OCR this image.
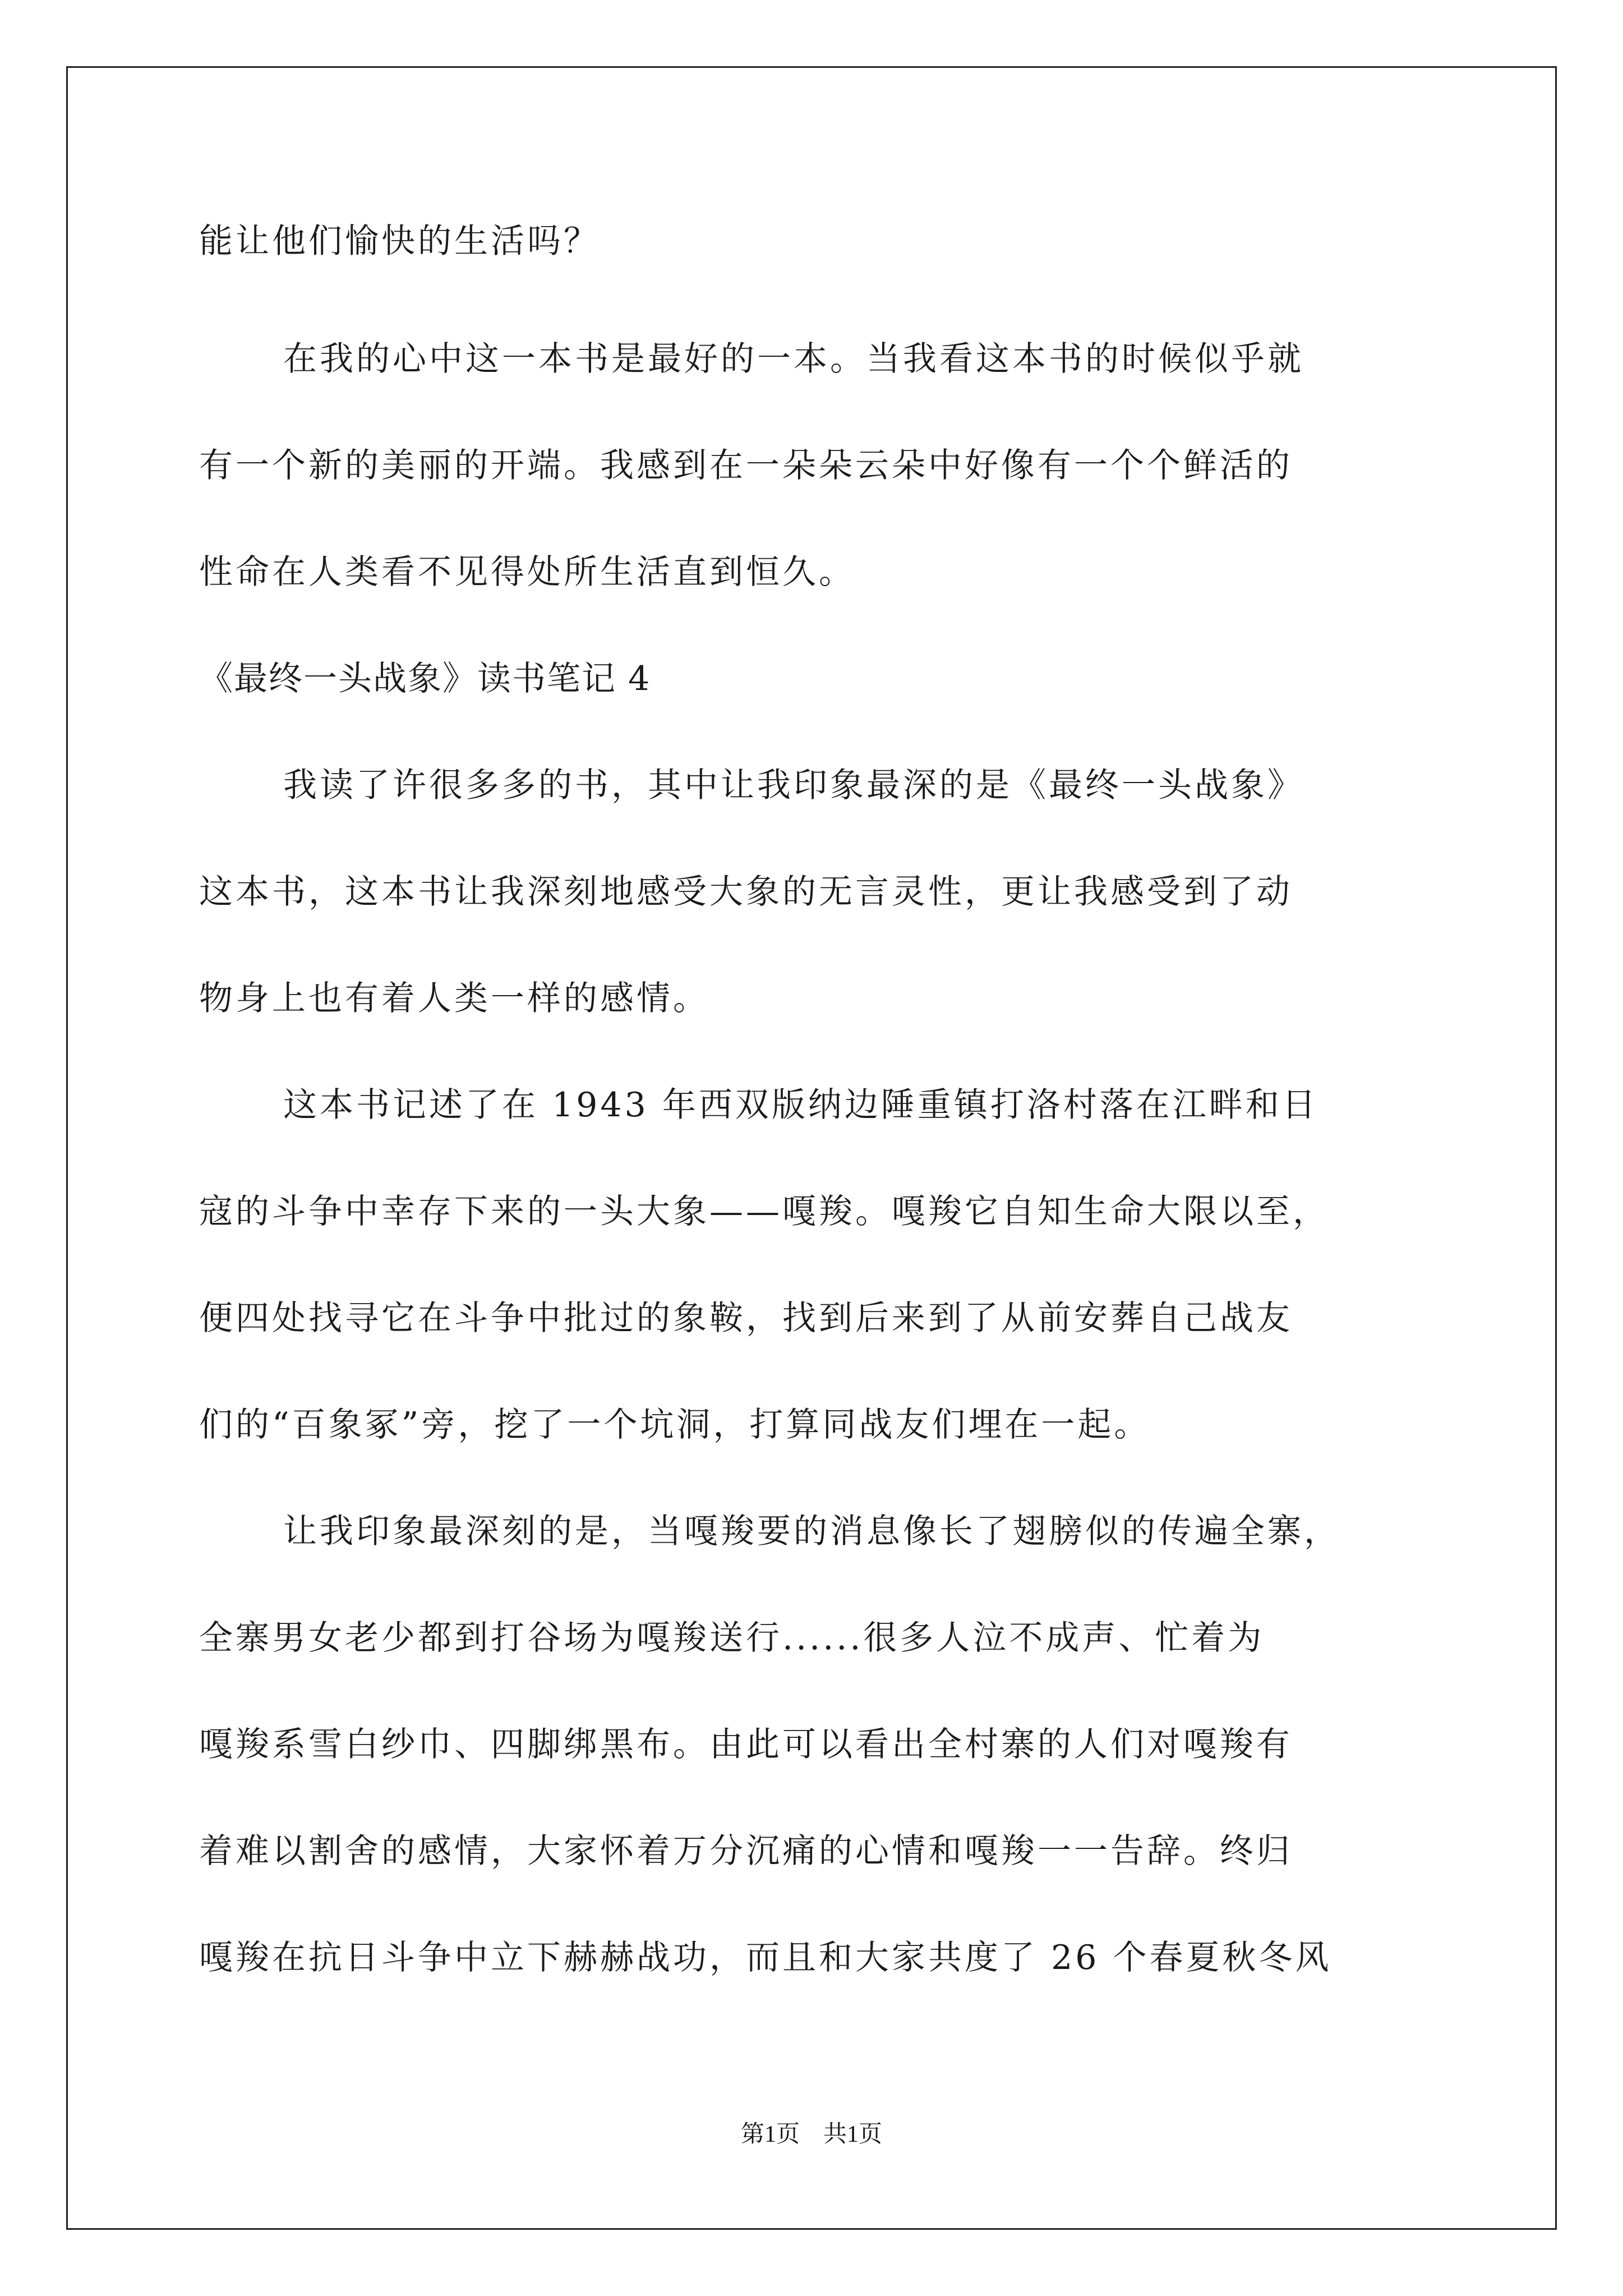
能让他们愉快的生活吗？
在我的心中这一本书是最好的一本。当我看这本书的时候似乎就
有一个新的美丽的开端。我感到在一朵朵云朵中好像有一个个鲜活的
性命在人类看不见得处所生活直到恒久。
《最终一头战象》读书笔记 4
我读了许很多多的书，其中让我印象最深的是《最终一头战象》
这本书，这本书让我深刻地感受大象的无言灵性，更让我感受到了动
物身上也有着人类一样的感情。
这本书记述了在 1943 年西双版纳边陲重镇打洛村落在江畔和日
寇的斗争中幸存下来的一头大象——嘎羧。嘎羧它自知生命大限以至，
便四处找寻它在斗争中批过的象鞍，找到后来到了从前安葬自己战友
们的“百象冢”旁，挖了一个坑洞，打算同战友们埋在一起。
让我印象最深刻的是，当嘎羧要的消息像长了翅膀似的传遍全寨，
全寨男女老少都到打谷场为嘎羧送行......很多人泣不成声、忙着为
嘎羧系雪白纱巾、四脚绑黑布。由此可以看出全村寨的人们对嘎羧有
着难以割舍的感情，大家怀着万分沉痛的心情和嘎羧一一告辞。终归
嘎羧在抗日斗争中立下赫赫战功，而且和大家共度了 26 个春夏秋冬风
第1页　共1页
